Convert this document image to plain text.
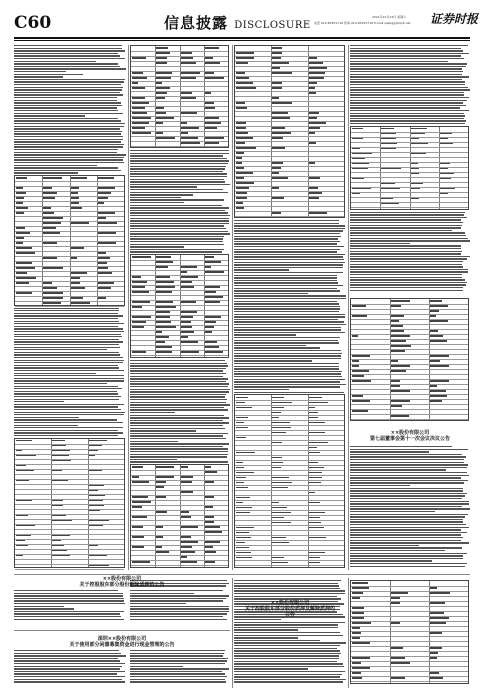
C60	信息披露 DISCLOSURE
2021年10月23日 星期六
电话 010-83251716 传真 010-83251718 E-mail zqsbgg@zqrb.net	证券时报
××股份有限公司
关于控股股东部分股份解除质押的公告
深圳××股份有限公司
关于使用部分闲置募集资金进行现金管理的公告
××股份有限公司
关于控股股东部分股份质押及解除质押的
公告
××股份有限公司
第七届董事会第十一次会议决议公告
